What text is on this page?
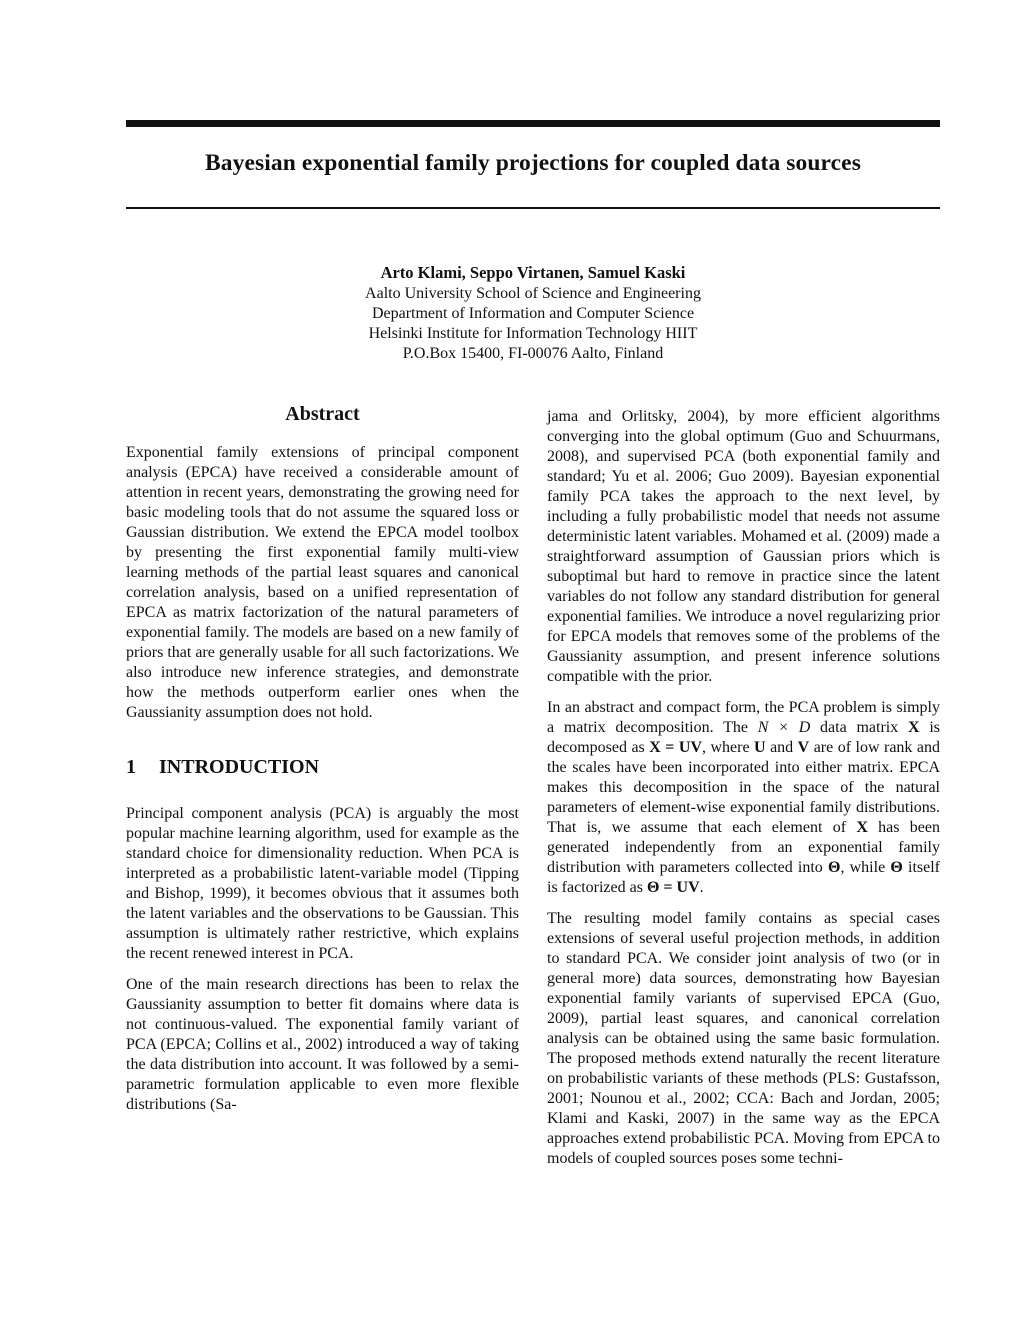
Bayesian exponential family projections for coupled data sources
Arto Klami, Seppo Virtanen, Samuel Kaski
Aalto University School of Science and Engineering
Department of Information and Computer Science
Helsinki Institute for Information Technology HIIT
P.O.Box 15400, FI-00076 Aalto, Finland
Abstract

Exponential family extensions of principal component analysis (EPCA) have received a considerable amount of attention in recent years, demonstrating the growing need for basic modeling tools that do not assume the squared loss or Gaussian distribution. We extend the EPCA model toolbox by presenting the first exponential family multi-view learning methods of the partial least squares and canonical correlation analysis, based on a unified representation of EPCA as matrix factorization of the natural parameters of exponential family. The models are based on a new family of priors that are generally usable for all such factorizations. We also introduce new inference strategies, and demonstrate how the methods outperform earlier ones when the Gaussianity assumption does not hold.

1 INTRODUCTION

Principal component analysis (PCA) is arguably the most popular machine learning algorithm, used for example as the standard choice for dimensionality reduction. When PCA is interpreted as a probabilistic latent-variable model (Tipping and Bishop, 1999), it becomes obvious that it assumes both the latent variables and the observations to be Gaussian. This assumption is ultimately rather restrictive, which explains the recent renewed interest in PCA.

One of the main research directions has been to relax the Gaussianity assumption to better fit domains where data is not continuous-valued. The exponential family variant of PCA (EPCA; Collins et al., 2002) introduced a way of taking the data distribution into account. It was followed by a semi-parametric formulation applicable to even more flexible distributions (Sa-

jama and Orlitsky, 2004), by more efficient algorithms converging into the global optimum (Guo and Schuurmans, 2008), and supervised PCA (both exponential family and standard; Yu et al. 2006; Guo 2009). Bayesian exponential family PCA takes the approach to the next level, by including a fully probabilistic model that needs not assume deterministic latent variables. Mohamed et al. (2009) made a straightforward assumption of Gaussian priors which is suboptimal but hard to remove in practice since the latent variables do not follow any standard distribution for general exponential families. We introduce a novel regularizing prior for EPCA models that removes some of the problems of the Gaussianity assumption, and present inference solutions compatible with the prior.

In an abstract and compact form, the PCA problem is simply a matrix decomposition. The N × D data matrix X is decomposed as X = UV, where U and V are of low rank and the scales have been incorporated into either matrix. EPCA makes this decomposition in the space of the natural parameters of element-wise exponential family distributions. That is, we assume that each element of X has been generated independently from an exponential family distribution with parameters collected into Θ, while Θ itself is factorized as Θ = UV.

The resulting model family contains as special cases extensions of several useful projection methods, in addition to standard PCA. We consider joint analysis of two (or in general more) data sources, demonstrating how Bayesian exponential family variants of supervised EPCA (Guo, 2009), partial least squares, and canonical correlation analysis can be obtained using the same basic formulation. The proposed methods extend naturally the recent literature on probabilistic variants of these methods (PLS: Gustafsson, 2001; Nounou et al., 2002; CCA: Bach and Jordan, 2005; Klami and Kaski, 2007) in the same way as the EPCA approaches extend probabilistic PCA. Moving from EPCA to models of coupled sources poses some techni-
